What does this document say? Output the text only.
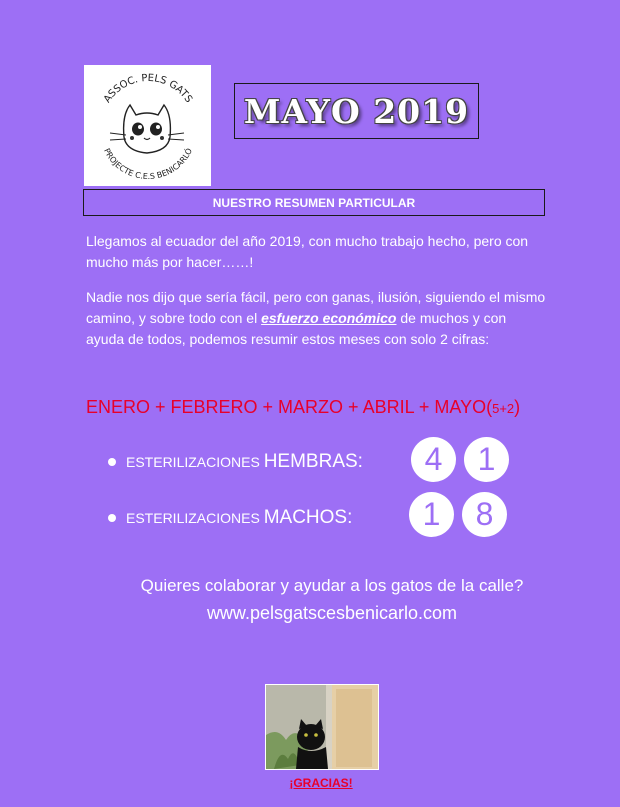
ASSOC. PELS GATS
PROJECTE C.E.S BENICARLÓ
MAYO 2019
NUESTRO RESUMEN PARTICULAR
Llegamos al ecuador del año 2019, con mucho trabajo hecho, pero con mucho más por hacer……!
Nadie nos dijo que sería fácil, pero con ganas, ilusión, siguiendo el mismo camino, y sobre todo con el esfuerzo económico de muchos y con ayuda de todos, podemos resumir estos meses con solo 2 cifras:
ENERO + FEBRERO + MARZO + ABRIL + MAYO(5+2)
ESTERILIZACIONES HEMBRAS:	4	1
ESTERILIZACIONES MACHOS:	1	8
Quieres colaborar y ayudar a los gatos de la calle?
www.pelsgatscesbenicarlo.com
¡GRACIAS!
